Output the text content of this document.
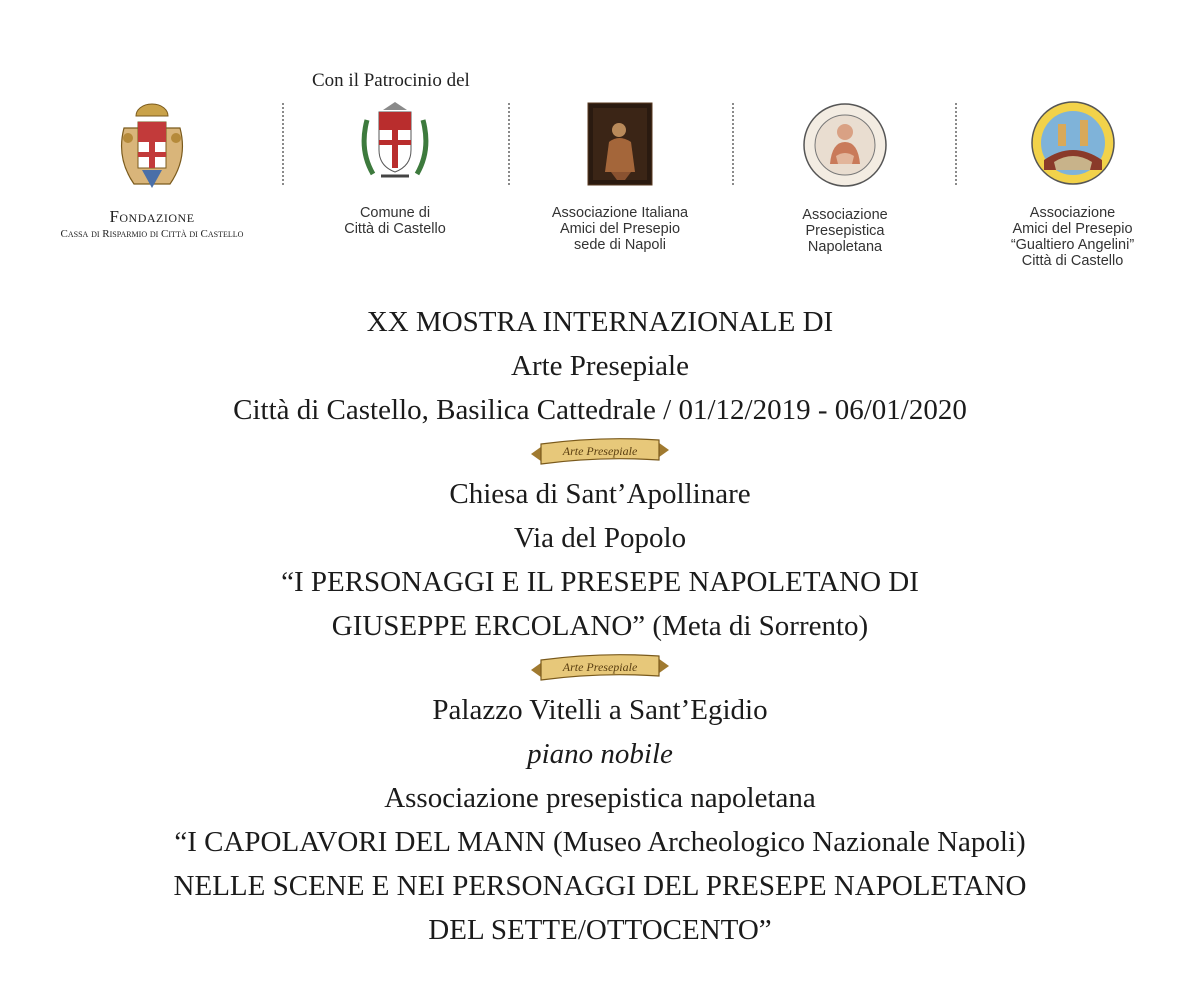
Con il Patrocinio del
Fondazione
Cassa di Risparmio di Città di Castello
Comune di
Città di Castello
Associazione Italiana
Amici del Presepio
sede di Napoli
Associazione
Presepistica
Napoletana
Associazione
Amici del Presepio
“Gualtiero Angelini”
Città di Castello
XX MOSTRA INTERNAZIONALE DI
Arte Presepiale
Città di Castello, Basilica Cattedrale / 01/12/2019 - 06/01/2020
Arte Presepiale
Chiesa di Sant’Apollinare
Via del Popolo
“I PERSONAGGI E IL PRESEPE NAPOLETANO DI
GIUSEPPE ERCOLANO” (Meta di Sorrento)
Arte Presepiale
Palazzo Vitelli a Sant’Egidio
piano nobile
Associazione presepistica napoletana
“I CAPOLAVORI DEL MANN (Museo Archeologico Nazionale Napoli)
NELLE SCENE E NEI PERSONAGGI DEL PRESEPE NAPOLETANO
DEL SETTE/OTTOCENTO”
